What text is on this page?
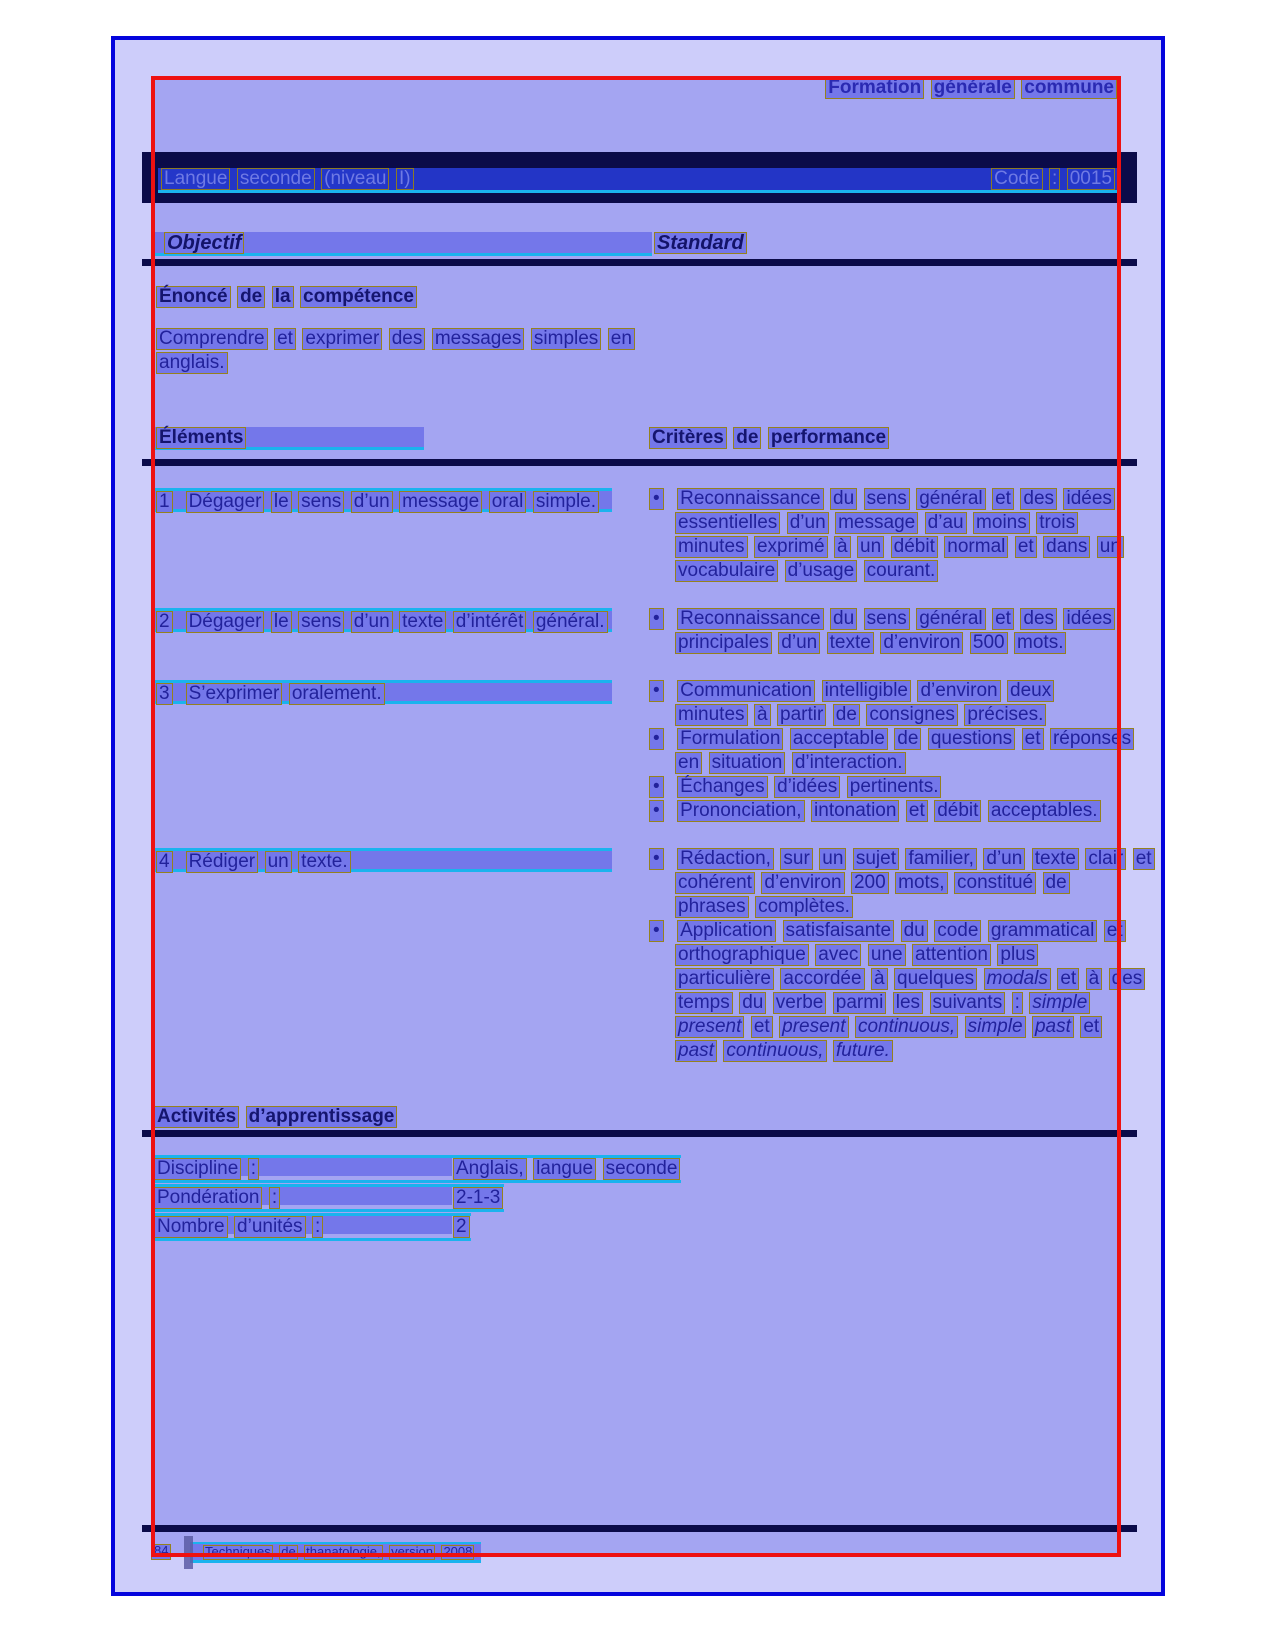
Formation générale commune
Langue seconde (niveau I)	Code : 0015
Objectif	Standard
Énoncé de la compétence
Comprendre et exprimer des messages simples en
anglais.
Éléments	Critères de performance
1 Dégager le sens d’un message oral simple.	• Reconnaissance du sens général et des idées
essentielles d’un message d’au moins trois
minutes exprimé à un débit normal et dans un
vocabulaire d’usage courant.
2 Dégager le sens d’un texte d’intérêt général.	• Reconnaissance du sens général et des idées
principales d’un texte d’environ 500 mots.
3 S’exprimer oralement.	• Communication intelligible d’environ deux
minutes à partir de consignes précises.
• Formulation acceptable de questions et réponses
en situation d’interaction.
• Échanges d’idées pertinents.
• Prononciation, intonation et débit acceptables.
4 Rédiger un texte.	• Rédaction, sur un sujet familier, d’un texte clair et
cohérent d’environ 200 mots, constitué de
phrases complètes.
• Application satisfaisante du code grammatical et
orthographique avec une attention plus
particulière accordée à quelques modals et à des
temps du verbe parmi les suivants : simple
present et present continuous, simple past et
past continuous, future.
Activités d’apprentissage
Discipline :	Anglais, langue seconde
Pondération :	2-1-3
Nombre d’unités :	2
84	Techniques de thanatologie, version 2008
